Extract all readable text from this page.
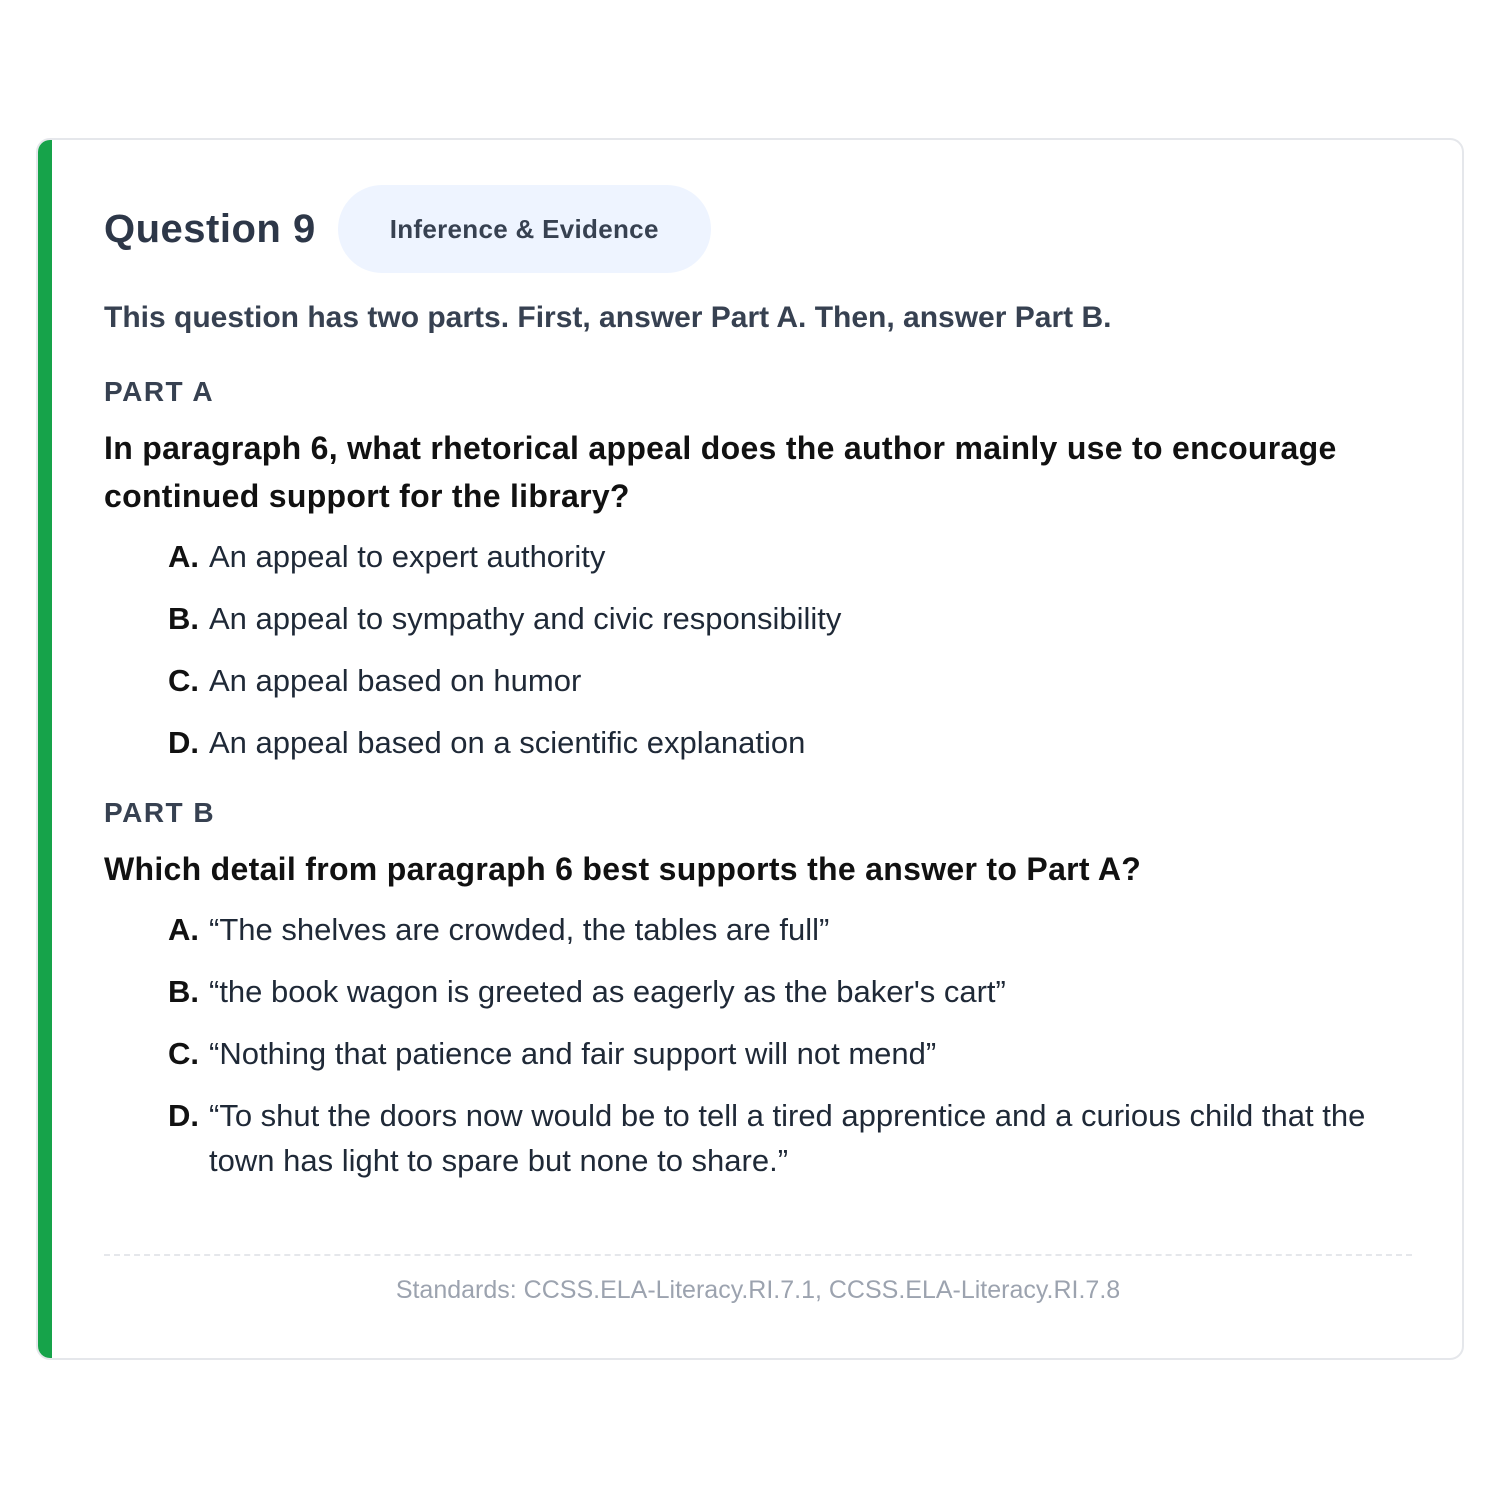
Question 9	Inference & Evidence
This question has two parts. First, answer Part A. Then, answer Part B.
PART A
In paragraph 6, what rhetorical appeal does the author mainly use to encourage continued support for the library?
A. An appeal to expert authority
B. An appeal to sympathy and civic responsibility
C. An appeal based on humor
D. An appeal based on a scientific explanation
PART B
Which detail from paragraph 6 best supports the answer to Part A?
A. “The shelves are crowded, the tables are full”
B. “the book wagon is greeted as eagerly as the baker's cart”
C. “Nothing that patience and fair support will not mend”
D. “To shut the doors now would be to tell a tired apprentice and a curious child that the town has light to spare but none to share.”
Standards: CCSS.ELA-Literacy.RI.7.1, CCSS.ELA-Literacy.RI.7.8
